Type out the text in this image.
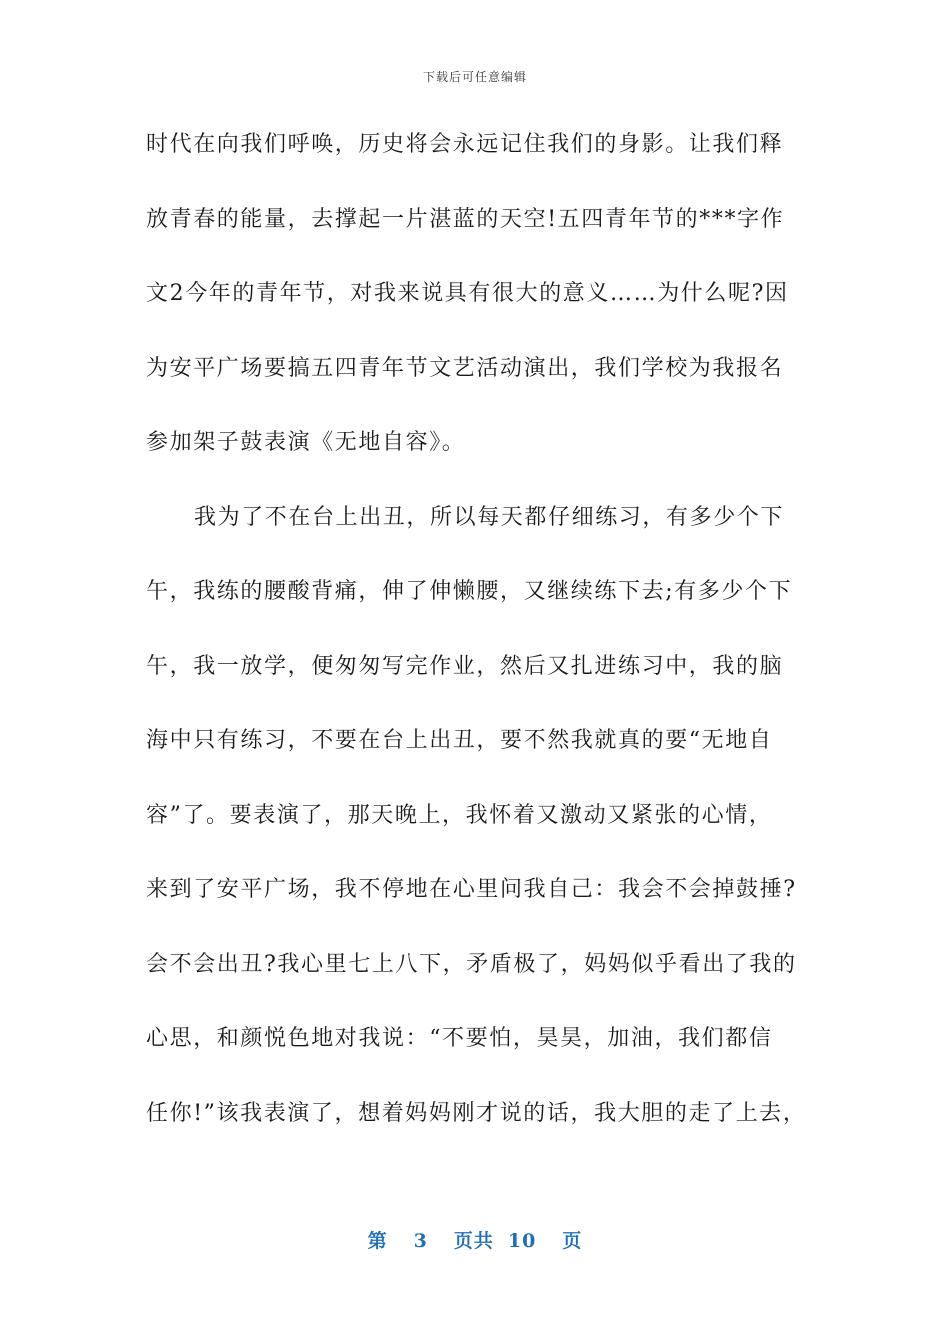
下载后可任意编辑
时代在向我们呼唤，历史将会永远记住我们的身影。让我们释
放青春的能量，去撑起一片湛蓝的天空!五四青年节的***字作
文2今年的青年节，对我来说具有很大的意义……为什么呢?因
为安平广场要搞五四青年节文艺活动演出，我们学校为我报名
参加架子鼓表演《无地自容》。
我为了不在台上出丑，所以每天都仔细练习，有多少个下
午，我练的腰酸背痛，伸了伸懒腰，又继续练下去;有多少个下
午，我一放学，便匆匆写完作业，然后又扎进练习中，我的脑
海中只有练习，不要在台上出丑，要不然我就真的要“无地自
容”了。要表演了，那天晚上，我怀着又激动又紧张的心情，
来到了安平广场，我不停地在心里问我自己：我会不会掉鼓捶?
会不会出丑?我心里七上八下，矛盾极了，妈妈似乎看出了我的
心思，和颜悦色地对我说：“不要怕，昊昊，加油，我们都信
任你!”该我表演了，想着妈妈刚才说的话，我大胆的走了上去，
第 3 页共 10 页
